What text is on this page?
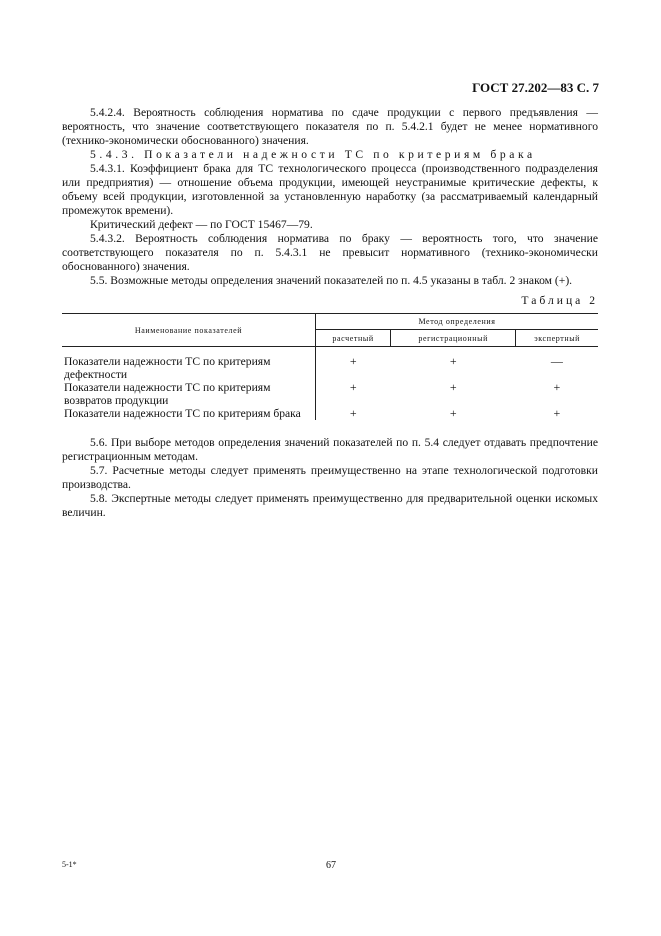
ГОСТ 27.202—83 С. 7

5.4.2.4. Вероятность соблюдения норматива по сдаче продукции с первого предъявления — вероятность, что значение соответствующего показателя по п. 5.4.2.1 будет не менее нормативного (технико-экономически обоснованного) значения.

5.4.3. Показатели надежности ТС по критериям брака

5.4.3.1. Коэффициент брака для ТС технологического процесса (производственного подразделения или предприятия) — отношение объема продукции, имеющей неустранимые критические дефекты, к объему всей продукции, изготовленной за установленную наработку (за рассматриваемый календарный промежуток времени).

Критический дефект — по ГОСТ 15467—79.

5.4.3.2. Вероятность соблюдения норматива по браку — вероятность того, что значение соответствующего показателя по п. 5.4.3.1 не превысит нормативного (технико-экономически обоснованного) значения.

5.5. Возможные методы определения значений показателей по п. 4.5 указаны в табл. 2 знаком (+).

Таблица 2
Наименование показателей	Метод определения		
	расчетный	регистрационный	экспертный
Показатели надежности ТС по критериям дефектности	+	+	—
Показатели надежности ТС по критериям возвратов продукции	+	+	+
Показатели надежности ТС по критериям брака	+	+	+

5.6. При выборе методов определения значений показателей по п. 5.4 следует отдавать предпочтение регистрационным методам.

5.7. Расчетные методы следует применять преимущественно на этапе технологической подготовки производства.

5.8. Экспертные методы следует применять преимущественно для предварительной оценки искомых величин.

5-1*	67
